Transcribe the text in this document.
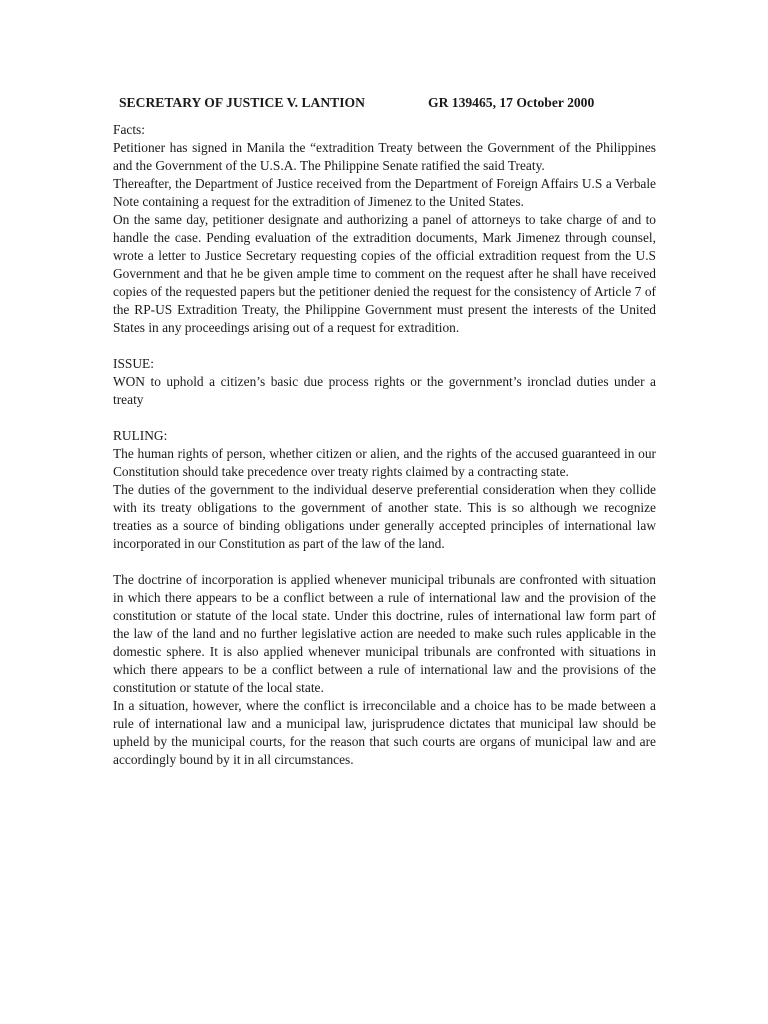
SECRETARY OF JUSTICE V. LANTION	GR 139465, 17 October 2000

Facts:

Petitioner has signed in Manila the “extradition Treaty between the Government of the Philippines and the Government of the U.S.A. The Philippine Senate ratified the said Treaty.

Thereafter, the Department of Justice received from the Department of Foreign Affairs U.S a Verbale Note containing a request for the extradition of Jimenez to the United States.

On the same day, petitioner designate and authorizing a panel of attorneys to take charge of and to handle the case. Pending evaluation of the extradition documents, Mark Jimenez through counsel, wrote a letter to Justice Secretary requesting copies of the official extradition request from the U.S Government and that he be given ample time to comment on the request after he shall have received copies of the requested papers but the petitioner denied the request for the consistency of Article 7 of the RP-US Extradition Treaty, the Philippine Government must present the interests of the United States in any proceedings arising out of a request for extradition.

ISSUE:

WON to uphold a citizen’s basic due process rights or the government’s ironclad duties under a treaty

RULING:

The human rights of person, whether citizen or alien, and the rights of the accused guaranteed in our Constitution should take precedence over treaty rights claimed by a contracting state.

The duties of the government to the individual deserve preferential consideration when they collide with its treaty obligations to the government of another state. This is so although we recognize treaties as a source of binding obligations under generally accepted principles of international law incorporated in our Constitution as part of the law of the land.

The doctrine of incorporation is applied whenever municipal tribunals are confronted with situation in which there appears to be a conflict between a rule of international law and the provision of the constitution or statute of the local state. Under this doctrine, rules of international law form part of the law of the land and no further legislative action are needed to make such rules applicable in the domestic sphere. It is also applied whenever municipal tribunals are confronted with situations in which there appears to be a conflict between a rule of international law and the provisions of the constitution or statute of the local state.

In a situation, however, where the conflict is irreconcilable and a choice has to be made between a rule of international law and a municipal law, jurisprudence dictates that municipal law should be upheld by the municipal courts, for the reason that such courts are organs of municipal law and are accordingly bound by it in all circumstances.
